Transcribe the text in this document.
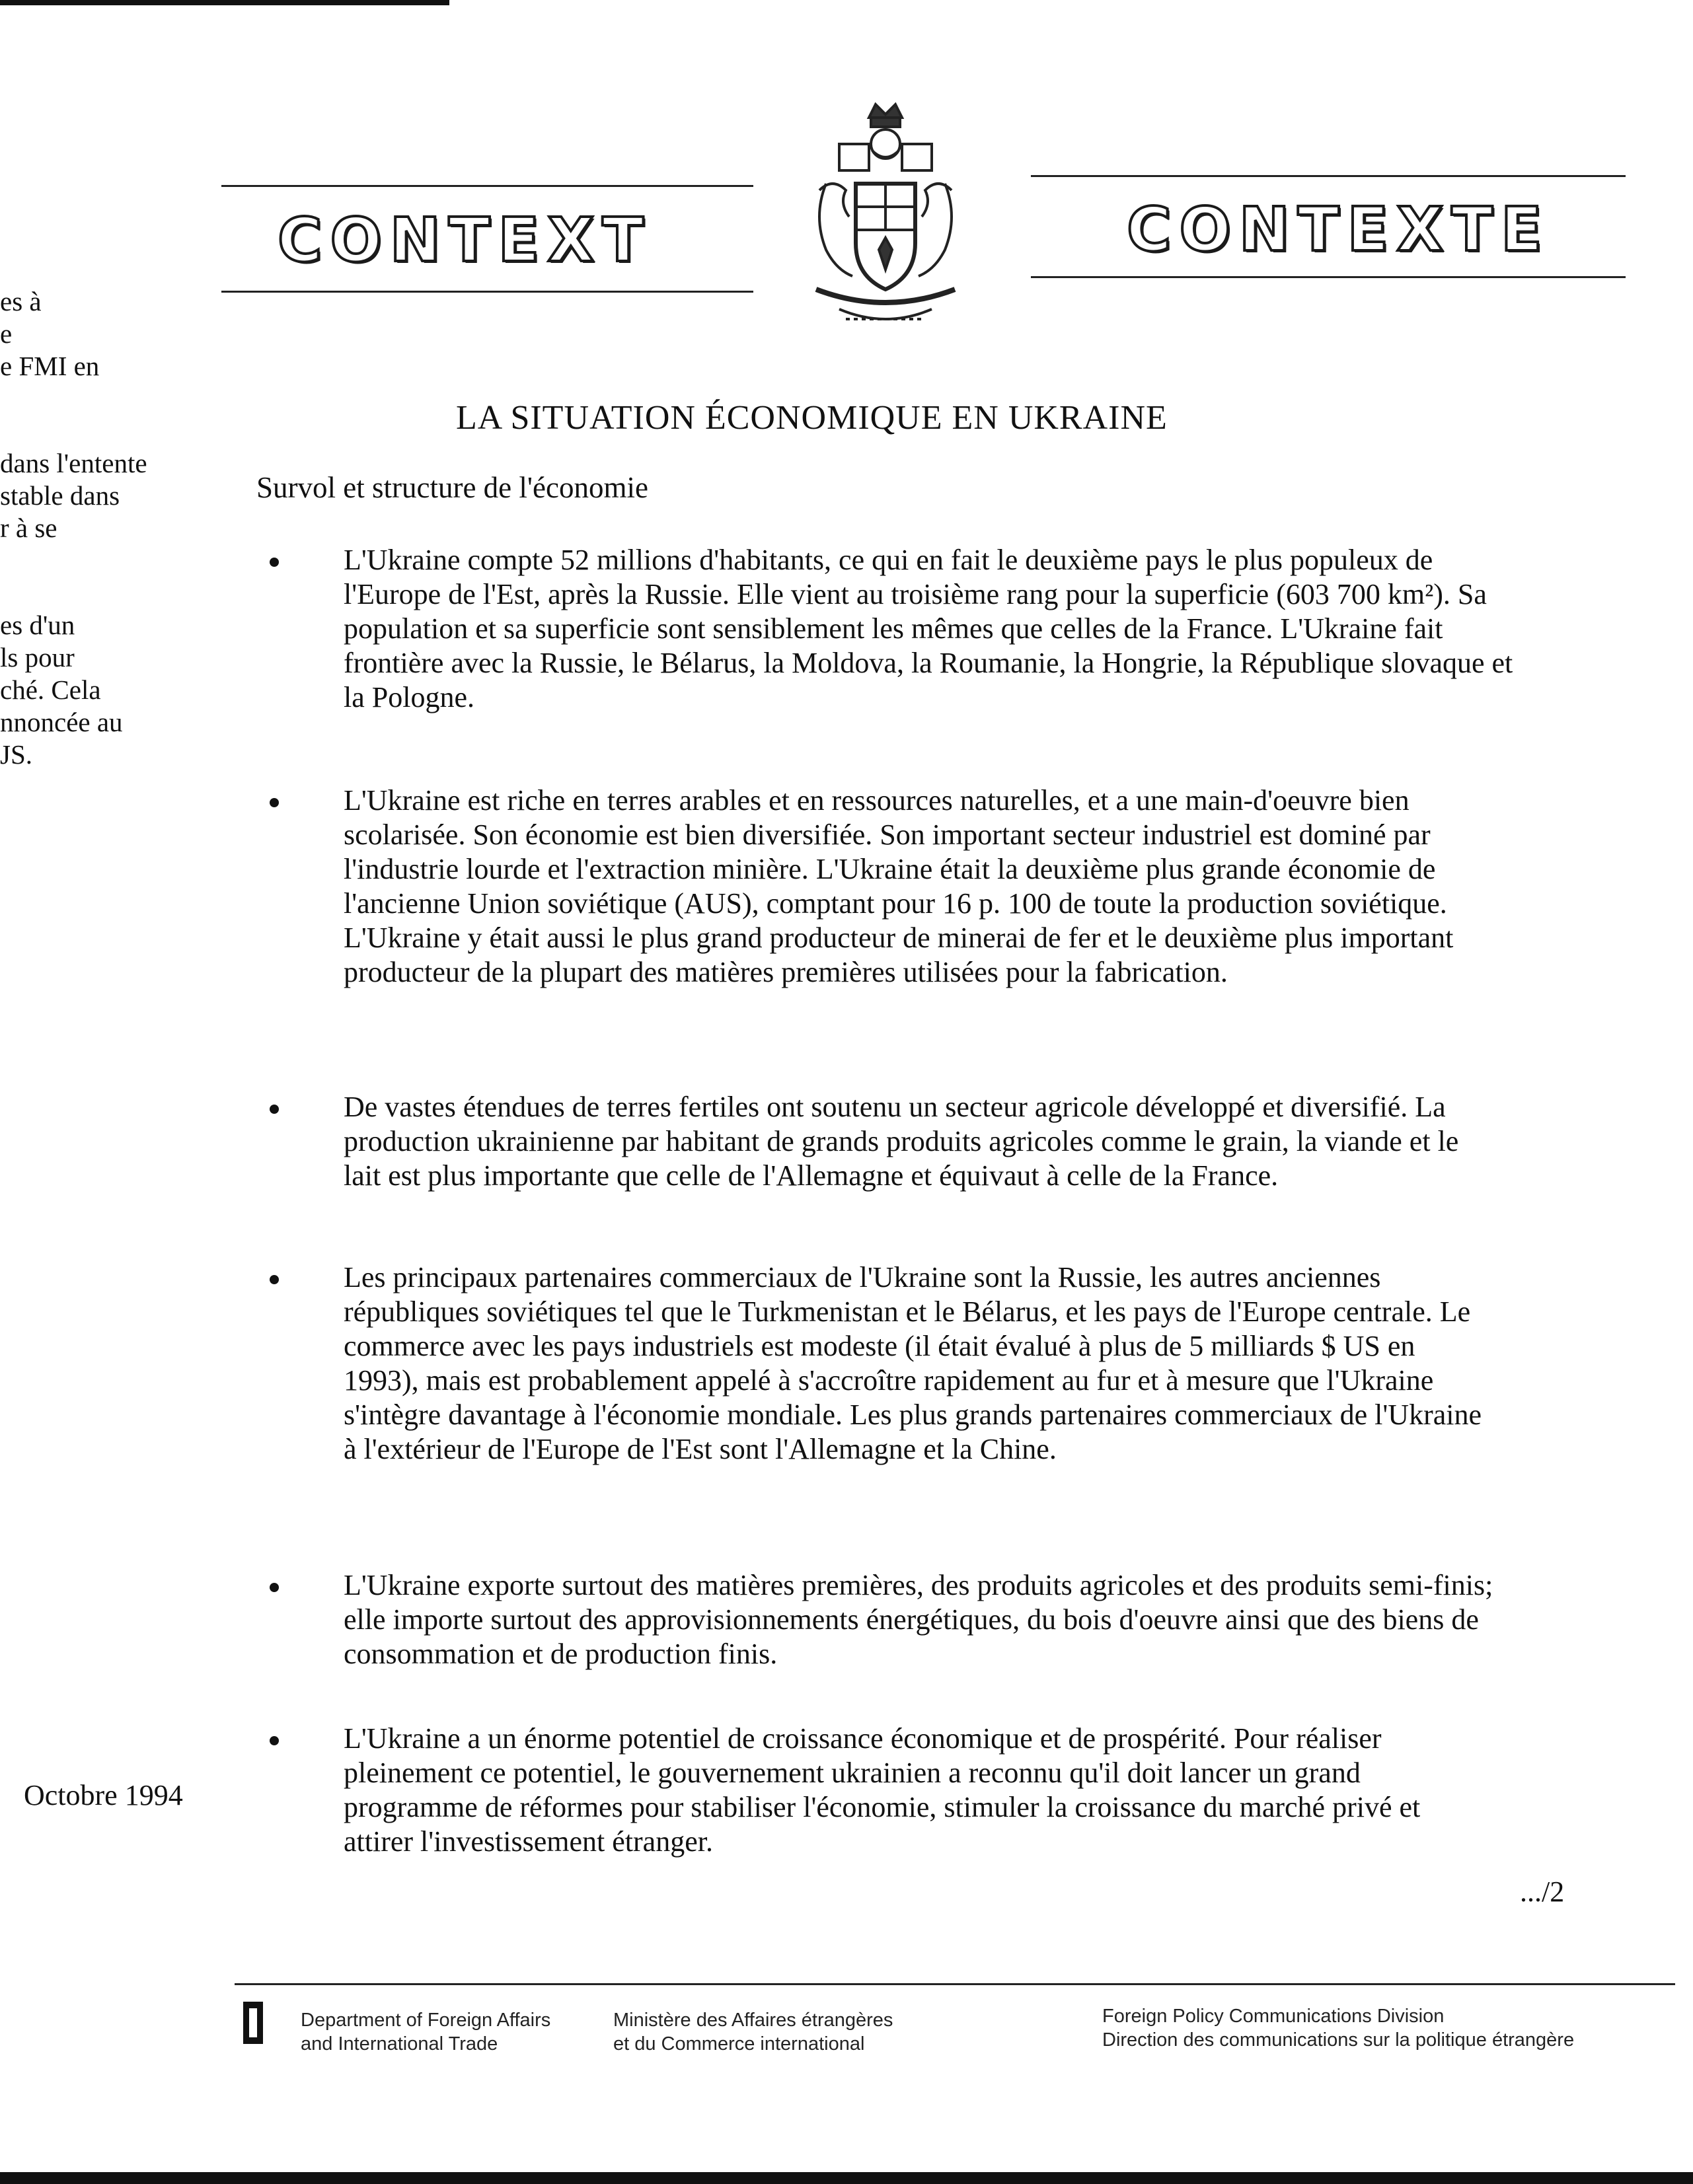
CONTEXT	CONTEXTE
es à
e
e FMI en
dans l'entente
stable dans
r à se
es d'un
ls pour
ché. Cela
nnoncée au
JS.
LA SITUATION ÉCONOMIQUE EN UKRAINE
Survol et structure de l'économie

L'Ukraine compte 52 millions d'habitants, ce qui en fait le deuxième pays le plus populeux de l'Europe de l'Est, après la Russie. Elle vient au troisième rang pour la superficie (603 700 km²). Sa population et sa superficie sont sensiblement les mêmes que celles de la France. L'Ukraine fait frontière avec la Russie, le Bélarus, la Moldova, la Roumanie, la Hongrie, la République slovaque et la Pologne.

L'Ukraine est riche en terres arables et en ressources naturelles, et a une main-d'oeuvre bien scolarisée. Son économie est bien diversifiée. Son important secteur industriel est dominé par l'industrie lourde et l'extraction minière. L'Ukraine était la deuxième plus grande économie de l'ancienne Union soviétique (AUS), comptant pour 16 p. 100 de toute la production soviétique. L'Ukraine y était aussi le plus grand producteur de minerai de fer et le deuxième plus important producteur de la plupart des matières premières utilisées pour la fabrication.

De vastes étendues de terres fertiles ont soutenu un secteur agricole développé et diversifié. La production ukrainienne par habitant de grands produits agricoles comme le grain, la viande et le lait est plus importante que celle de l'Allemagne et équivaut à celle de la France.

Les principaux partenaires commerciaux de l'Ukraine sont la Russie, les autres anciennes républiques soviétiques tel que le Turkmenistan et le Bélarus, et les pays de l'Europe centrale. Le commerce avec les pays industriels est modeste (il était évalué à plus de 5 milliards $ US en 1993), mais est probablement appelé à s'accroître rapidement au fur et à mesure que l'Ukraine s'intègre davantage à l'économie mondiale. Les plus grands partenaires commerciaux de l'Ukraine à l'extérieur de l'Europe de l'Est sont l'Allemagne et la Chine.

L'Ukraine exporte surtout des matières premières, des produits agricoles et des produits semi-finis; elle importe surtout des approvisionnements énergétiques, du bois d'oeuvre ainsi que des biens de consommation et de production finis.

L'Ukraine a un énorme potentiel de croissance économique et de prospérité. Pour réaliser pleinement ce potentiel, le gouvernement ukrainien a reconnu qu'il doit lancer un grand programme de réformes pour stabiliser l'économie, stimuler la croissance du marché privé et attirer l'investissement étranger.

Octobre 1994
.../2
Department of Foreign Affairs
and International Trade
Ministère des Affaires étrangères
et du Commerce international
Foreign Policy Communications Division
Direction des communications sur la politique étrangère
